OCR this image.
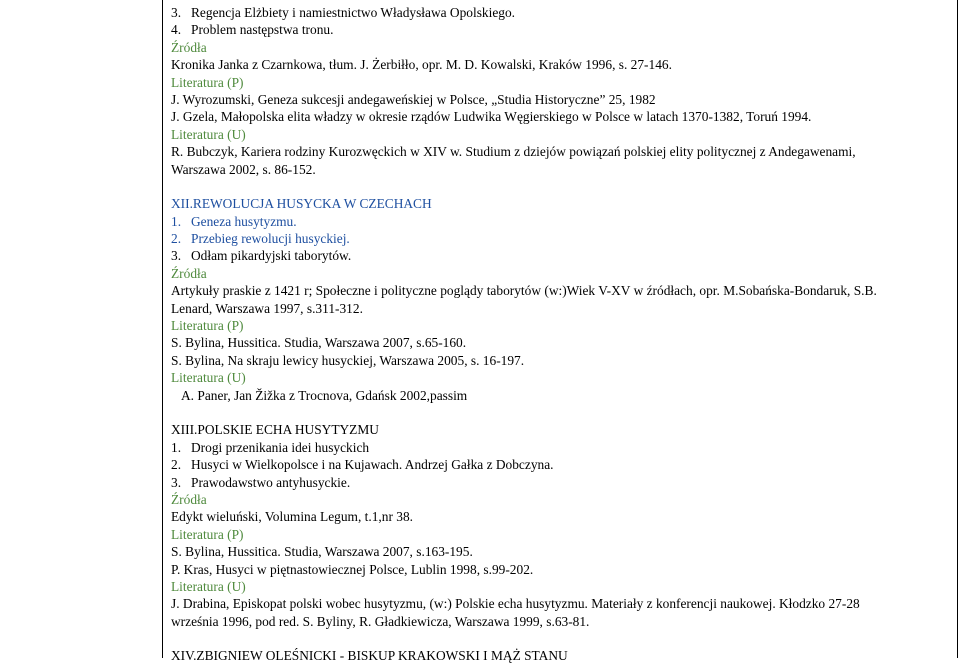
3. Regencja Elżbiety i namiestnictwo Władysława Opolskiego.
4. Problem następstwa tronu.
Źródła
Kronika Janka z Czarnkowa, tłum. J. Żerbiłło, opr. M. D. Kowalski, Kraków 1996, s. 27-146.
Literatura (P)
J. Wyrozumski, Geneza sukcesji andegaweńskiej w Polsce, „Studia Historyczne” 25, 1982
J. Gzela, Małopolska elita władzy w okresie rządów Ludwika Węgierskiego w Polsce w latach 1370-1382, Toruń 1994.
Literatura (U)
R. Bubczyk, Kariera rodziny Kurozwęckich w XIV w. Studium z dziejów powiązań polskiej elity politycznej z Andegawenami,
Warszawa 2002, s. 86-152.
XII.REWOLUCJA HUSYCKA W CZECHACH
1. Geneza husytyzmu.
2. Przebieg rewolucji husyckiej.
3. Odłam pikardyjski taborytów.
Źródła
Artykuły praskie z 1421 r; Społeczne i polityczne poglądy taborytów (w:)Wiek V-XV w źródłach, opr. M.Sobańska-Bondaruk, S.B.
Lenard, Warszawa 1997, s.311-312.
Literatura (P)
S. Bylina, Hussitica. Studia, Warszawa 2007, s.65-160.
S. Bylina, Na skraju lewicy husyckiej, Warszawa 2005, s. 16-197.
Literatura (U)
A. Paner, Jan Žižka z Trocnova, Gdańsk 2002,passim
XIII.POLSKIE ECHA HUSYTYZMU
1. Drogi przenikania idei husyckich
2. Husyci w Wielkopolsce i na Kujawach. Andrzej Gałka z Dobczyna.
3. Prawodawstwo antyhusyckie.
Źródła
Edykt wieluński, Volumina Legum, t.1,nr 38.
Literatura (P)
S. Bylina, Hussitica. Studia, Warszawa 2007, s.163-195.
P. Kras, Husyci w piętnastowiecznej Polsce, Lublin 1998, s.99-202.
Literatura (U)
J. Drabina, Episkopat polski wobec husytyzmu, (w:) Polskie echa husytyzmu. Materiały z konferencji naukowej. Kłodzko 27-28
września 1996, pod red. S. Byliny, R. Gładkiewicza, Warszawa 1999, s.63-81.
XIV.ZBIGNIEW OLEŚNICKI - BISKUP KRAKOWSKI I MĄŻ STANU
